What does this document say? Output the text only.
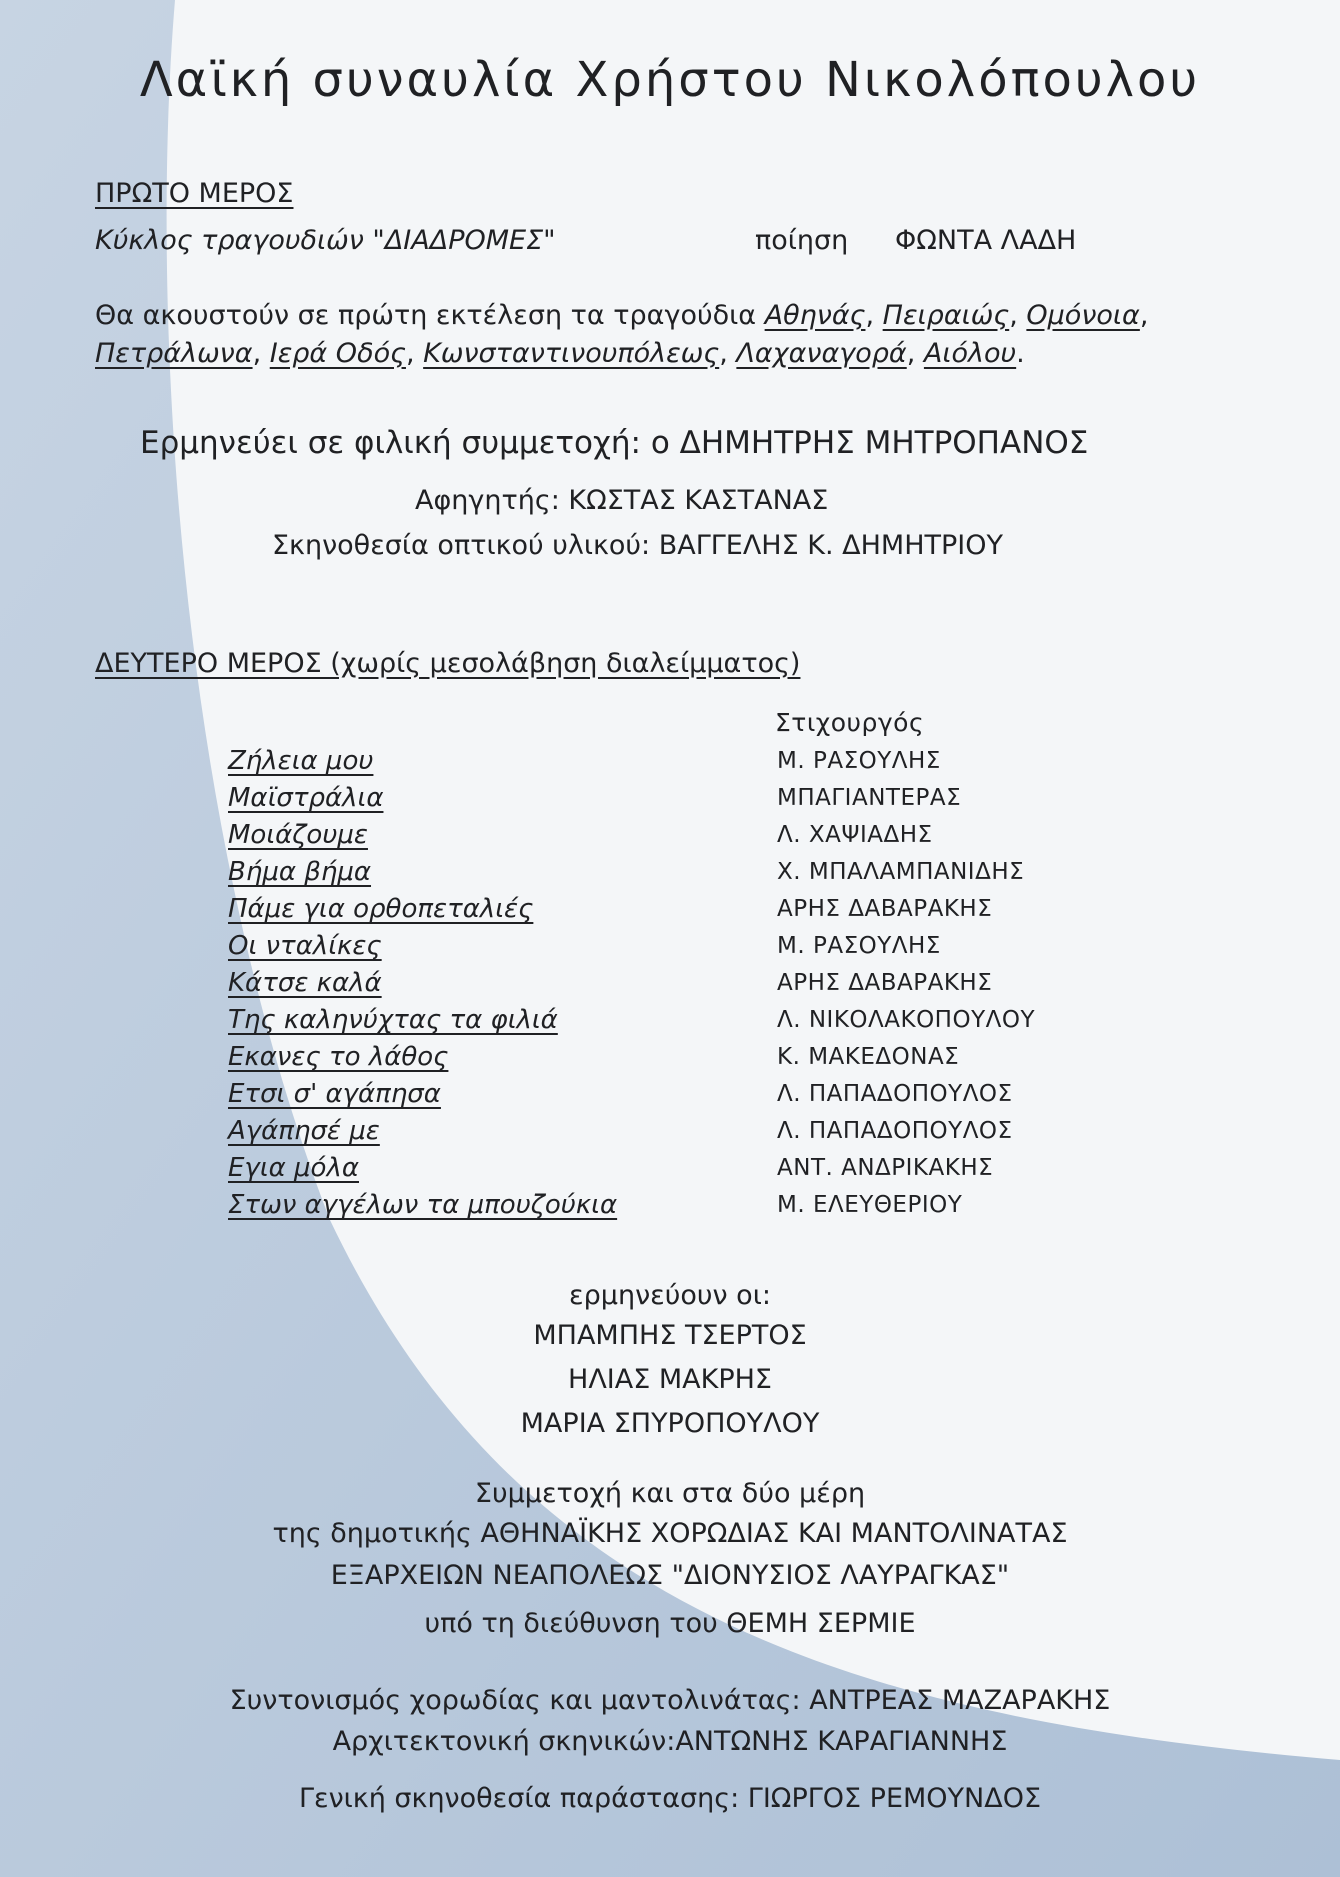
Λαϊκή συναυλία Χρήστου Νικολόπουλου
ΠΡΩΤΟ ΜΕΡΟΣ
Κύκλος τραγουδιών "ΔΙΑΔΡΟΜΕΣ"	ποίηση ΦΩΝΤΑ ΛΑΔΗ
Θα ακουστούν σε πρώτη εκτέλεση τα τραγούδια Αθηνάς, Πειραιώς, Ομόνοια,
Πετράλωνα, Ιερά Οδός, Κωνσταντινουπόλεως, Λαχαναγορά, Αιόλου.
Ερμηνεύει σε φιλική συμμετοχή: ο ΔΗΜΗΤΡΗΣ ΜΗΤΡΟΠΑΝΟΣ
Αφηγητής: ΚΩΣΤΑΣ ΚΑΣΤΑΝΑΣ
Σκηνοθεσία οπτικού υλικού: ΒΑΓΓΕΛΗΣ Κ. ΔΗΜΗΤΡΙΟΥ
ΔΕΥΤΕΡΟ ΜΕΡΟΣ (χωρίς μεσολάβηση διαλείμματος)
Στιχουργός
Ζήλεια μου	Μ. ΡΑΣΟΥΛΗΣ
Μαϊστράλια	ΜΠΑΓΙΑΝΤΕΡΑΣ
Μοιάζουμε	Λ. ΧΑΨΙΑΔΗΣ
Βήμα βήμα	Χ. ΜΠΑΛΑΜΠΑΝΙΔΗΣ
Πάμε για ορθοπεταλιές	ΑΡΗΣ ΔΑΒΑΡΑΚΗΣ
Οι νταλίκες	Μ. ΡΑΣΟΥΛΗΣ
Κάτσε καλά	ΑΡΗΣ ΔΑΒΑΡΑΚΗΣ
Της καληνύχτας τα φιλιά	Λ. ΝΙΚΟΛΑΚΟΠΟΥΛΟΥ
Εκανες το λάθος	Κ. ΜΑΚΕΔΟΝΑΣ
Ετσι σ' αγάπησα	Λ. ΠΑΠΑΔΟΠΟΥΛΟΣ
Αγάπησέ με	Λ. ΠΑΠΑΔΟΠΟΥΛΟΣ
Εγια μόλα	ΑΝΤ. ΑΝΔΡΙΚΑΚΗΣ
Στων αγγέλων τα μπουζούκια	Μ. ΕΛΕΥΘΕΡΙΟΥ
ερμηνεύουν οι:
ΜΠΑΜΠΗΣ ΤΣΕΡΤΟΣ
ΗΛΙΑΣ ΜΑΚΡΗΣ
ΜΑΡΙΑ ΣΠΥΡΟΠΟΥΛΟΥ
Συμμετοχή και στα δύο μέρη
της δημοτικής ΑΘΗΝΑΪΚΗΣ ΧΟΡΩΔΙΑΣ ΚΑΙ ΜΑΝΤΟΛΙΝΑΤΑΣ
ΕΞΑΡΧΕΙΩΝ ΝΕΑΠΟΛΕΩΣ "ΔΙΟΝΥΣΙΟΣ ΛΑΥΡΑΓΚΑΣ"
υπό τη διεύθυνση του ΘΕΜΗ ΣΕΡΜΙΕ
Συντονισμός χορωδίας και μαντολινάτας: ΑΝΤΡΕΑΣ ΜΑΖΑΡΑΚΗΣ
Αρχιτεκτονική σκηνικών:ΑΝΤΩΝΗΣ ΚΑΡΑΓΙΑΝΝΗΣ
Γενική σκηνοθεσία παράστασης: ΓΙΩΡΓΟΣ ΡΕΜΟΥΝΔΟΣ
